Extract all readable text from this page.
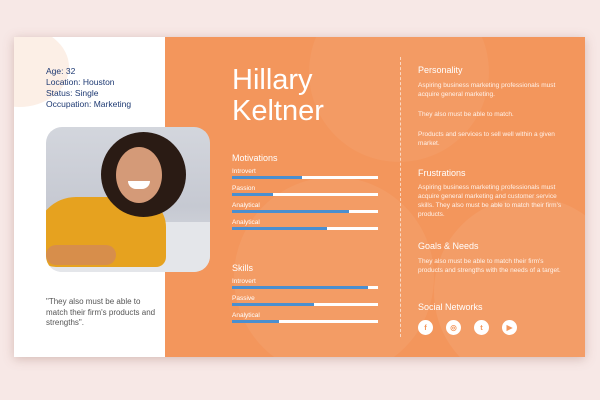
Age: 32
Location: Houston
Status: Single
Occupation: Marketing
"They also must be able to match their firm's products and strengths".
Hillary
Keltner
Motivations
Introvert
Passion
Analytical
Analytical
Skills
Introvert
Passive
Analytical
Personality
Aspiring business marketing professionals must acquire general marketing.
They also must be able to match.
Products and services to sell well within a given market.
Frustrations
Aspiring business marketing professionals must acquire general marketing and customer service skills. They also must be able to match their firm's products.
Goals & Needs
They also must be able to match their firm's products and strengths with the needs of a target.
Social Networks
f	◎	t	▶
